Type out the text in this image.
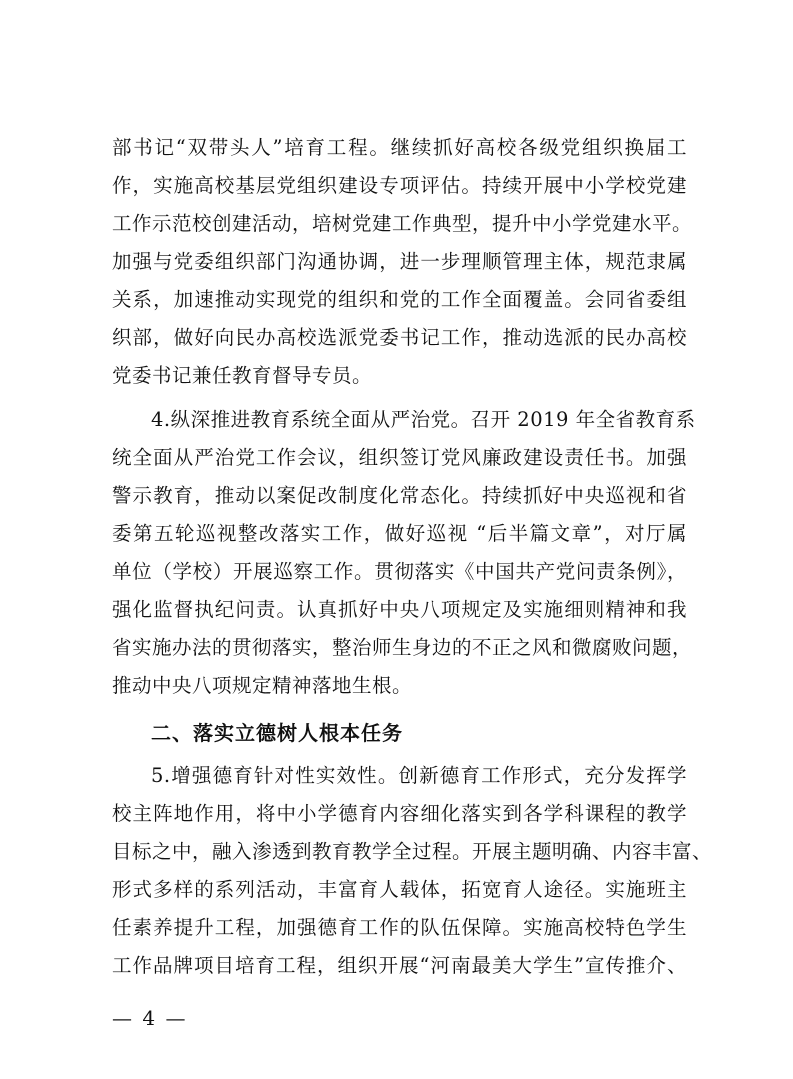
部书记“双带头人”培育工程。继续抓好高校各级党组织换届工
作，实施高校基层党组织建设专项评估。持续开展中小学校党建
工作示范校创建活动，培树党建工作典型，提升中小学党建水平。
加强与党委组织部门沟通协调，进一步理顺管理主体，规范隶属
关系，加速推动实现党的组织和党的工作全面覆盖。会同省委组
织部，做好向民办高校选派党委书记工作，推动选派的民办高校
党委书记兼任教育督导专员。
4.纵深推进教育系统全面从严治党。召开 2019 年全省教育系
统全面从严治党工作会议，组织签订党风廉政建设责任书。加强
警示教育，推动以案促改制度化常态化。持续抓好中央巡视和省
委第五轮巡视整改落实工作，做好巡视 “后半篇文章”，对厅属
单位（学校）开展巡察工作。贯彻落实《中国共产党问责条例》，
强化监督执纪问责。认真抓好中央八项规定及实施细则精神和我
省实施办法的贯彻落实，整治师生身边的不正之风和微腐败问题，
推动中央八项规定精神落地生根。
二、落实立德树人根本任务
5.增强德育针对性实效性。创新德育工作形式，充分发挥学
校主阵地作用，将中小学德育内容细化落实到各学科课程的教学
目标之中，融入渗透到教育教学全过程。开展主题明确、内容丰富、
形式多样的系列活动，丰富育人载体，拓宽育人途径。实施班主
任素养提升工程，加强德育工作的队伍保障。实施高校特色学生
工作品牌项目培育工程，组织开展“河南最美大学生”宣传推介、
— 4 —
